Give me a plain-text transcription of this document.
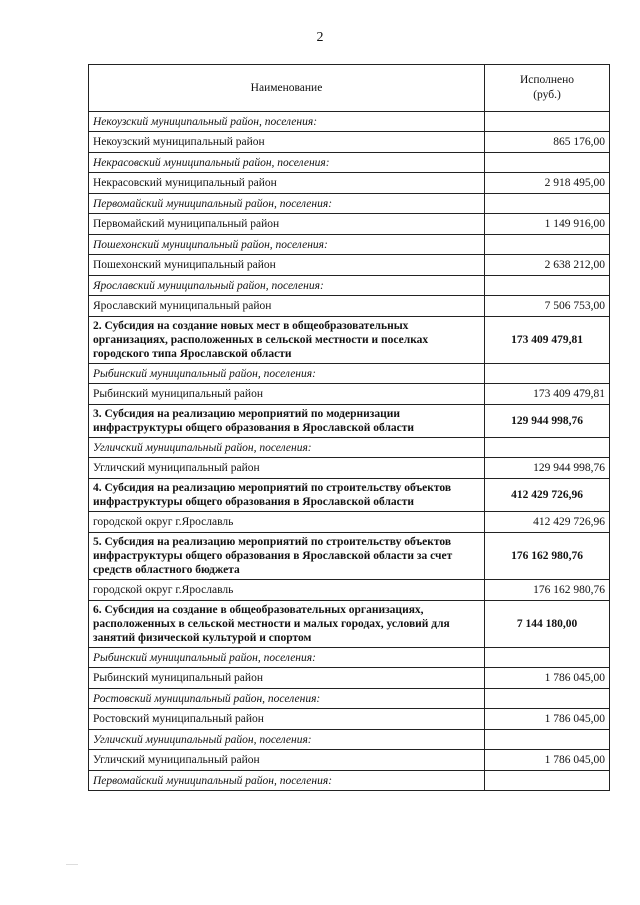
2
Наименование	Исполнено
(руб.)

Некоузский муниципальный район, поселения:	
Некоузский муниципальный район	865 176,00
Некрасовский муниципальный район, поселения:	
Некрасовский муниципальный район	2 918 495,00
Первомайский муниципальный район, поселения:	
Первомайский муниципальный район	1 149 916,00
Пошехонский муниципальный район, поселения:	
Пошехонский муниципальный район	2 638 212,00
Ярославский муниципальный район, поселения:	
Ярославский муниципальный район	7 506 753,00
2. Субсидия на создание новых мест в общеобразовательных организациях, расположенных в сельской местности и поселках городского типа Ярославской области	173 409 479,81
Рыбинский муниципальный район, поселения:	
Рыбинский муниципальный район	173 409 479,81
3. Субсидия на реализацию мероприятий по модернизации инфраструктуры общего образования в Ярославской области	129 944 998,76
Угличский муниципальный район, поселения:	
Угличский муниципальный район	129 944 998,76
4. Субсидия на реализацию мероприятий по строительству объектов инфраструктуры общего образования в Ярославской области	412 429 726,96
городской округ г.Ярославль	412 429 726,96
5. Субсидия на реализацию мероприятий по строительству объектов инфраструктуры общего образования в Ярославской области за счет средств областного бюджета	176 162 980,76
городской округ г.Ярославль	176 162 980,76
6. Субсидия на создание в общеобразовательных организациях, расположенных в сельской местности и малых городах, условий для занятий физической культурой и спортом	7 144 180,00
Рыбинский муниципальный район, поселения:	
Рыбинский муниципальный район	1 786 045,00
Ростовский муниципальный район, поселения:	
Ростовский муниципальный район	1 786 045,00
Угличский муниципальный район, поселения:	
Угличский муниципальный район	1 786 045,00
Первомайский муниципальный район, поселения:	
